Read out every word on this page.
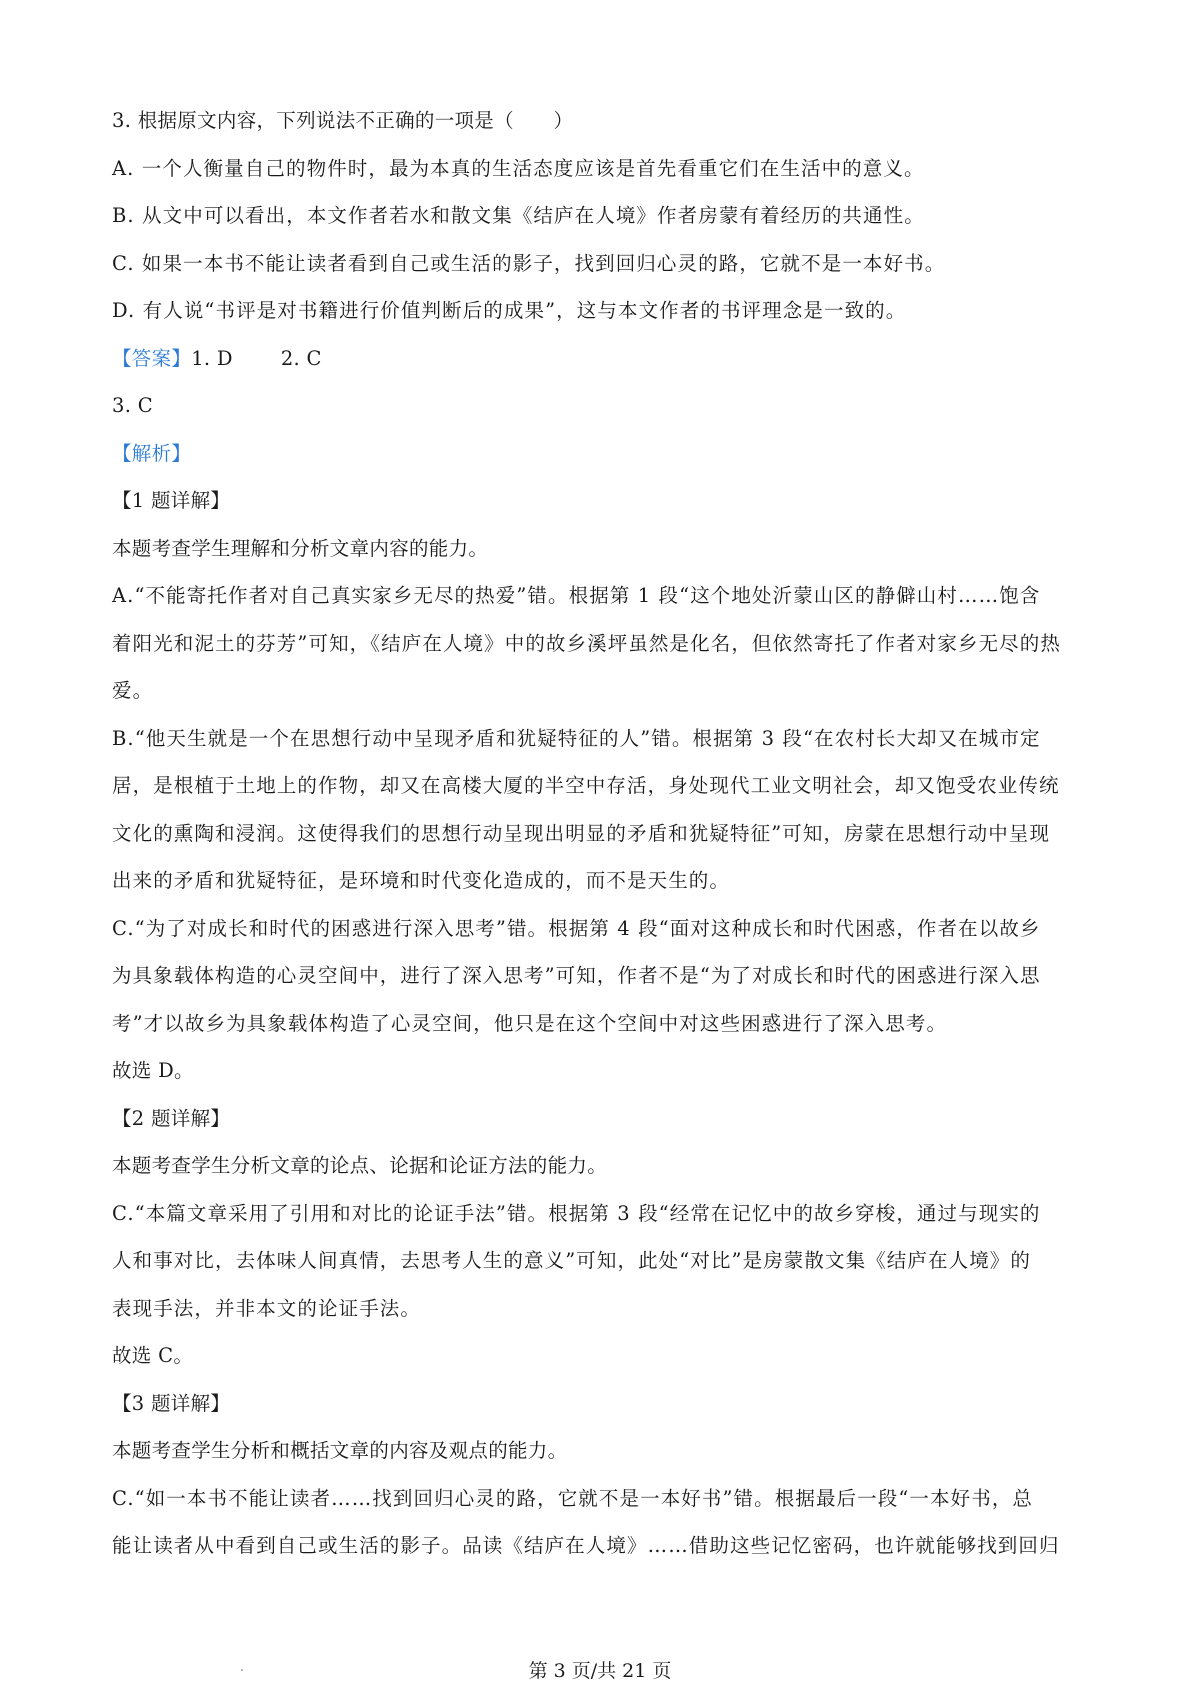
3. 根据原文内容，下列说法不正确的一项是（　　）
A. 一个人衡量自己的物件时，最为本真的生活态度应该是首先看重它们在生活中的意义。
B. 从文中可以看出，本文作者若水和散文集《结庐在人境》作者房蒙有着经历的共通性。
C. 如果一本书不能让读者看到自己或生活的影子，找到回归心灵的路，它就不是一本好书。
D. 有人说“书评是对书籍进行价值判断后的成果”，这与本文作者的书评理念是一致的。
【答案】1. D 2. C
3. C
【解析】
【1 题详解】
本题考查学生理解和分析文章内容的能力。
A.“不能寄托作者对自己真实家乡无尽的热爱”错。根据第 1 段“这个地处沂蒙山区的静僻山村……饱含
着阳光和泥土的芬芳”可知，《结庐在人境》中的故乡溪坪虽然是化名，但依然寄托了作者对家乡无尽的热
爱。
B.“他天生就是一个在思想行动中呈现矛盾和犹疑特征的人”错。根据第 3 段“在农村长大却又在城市定
居，是根植于土地上的作物，却又在高楼大厦的半空中存活，身处现代工业文明社会，却又饱受农业传统
文化的熏陶和浸润。这使得我们的思想行动呈现出明显的矛盾和犹疑特征”可知，房蒙在思想行动中呈现
出来的矛盾和犹疑特征，是环境和时代变化造成的，而不是天生的。
C.“为了对成长和时代的困惑进行深入思考”错。根据第 4 段“面对这种成长和时代困惑，作者在以故乡
为具象载体构造的心灵空间中，进行了深入思考”可知，作者不是“为了对成长和时代的困惑进行深入思
考”才以故乡为具象载体构造了心灵空间，他只是在这个空间中对这些困惑进行了深入思考。
故选 D。
【2 题详解】
本题考查学生分析文章的论点、论据和论证方法的能力。
C.“本篇文章采用了引用和对比的论证手法”错。根据第 3 段“经常在记忆中的故乡穿梭，通过与现实的
人和事对比，去体味人间真情，去思考人生的意义”可知，此处“对比”是房蒙散文集《结庐在人境》的
表现手法，并非本文的论证手法。
故选 C。
【3 题详解】
本题考查学生分析和概括文章的内容及观点的能力。
C.“如一本书不能让读者……找到回归心灵的路，它就不是一本好书”错。根据最后一段“一本好书，总
能让读者从中看到自己或生活的影子。品读《结庐在人境》……借助这些记忆密码，也许就能够找到回归
第 3 页/共 21 页
